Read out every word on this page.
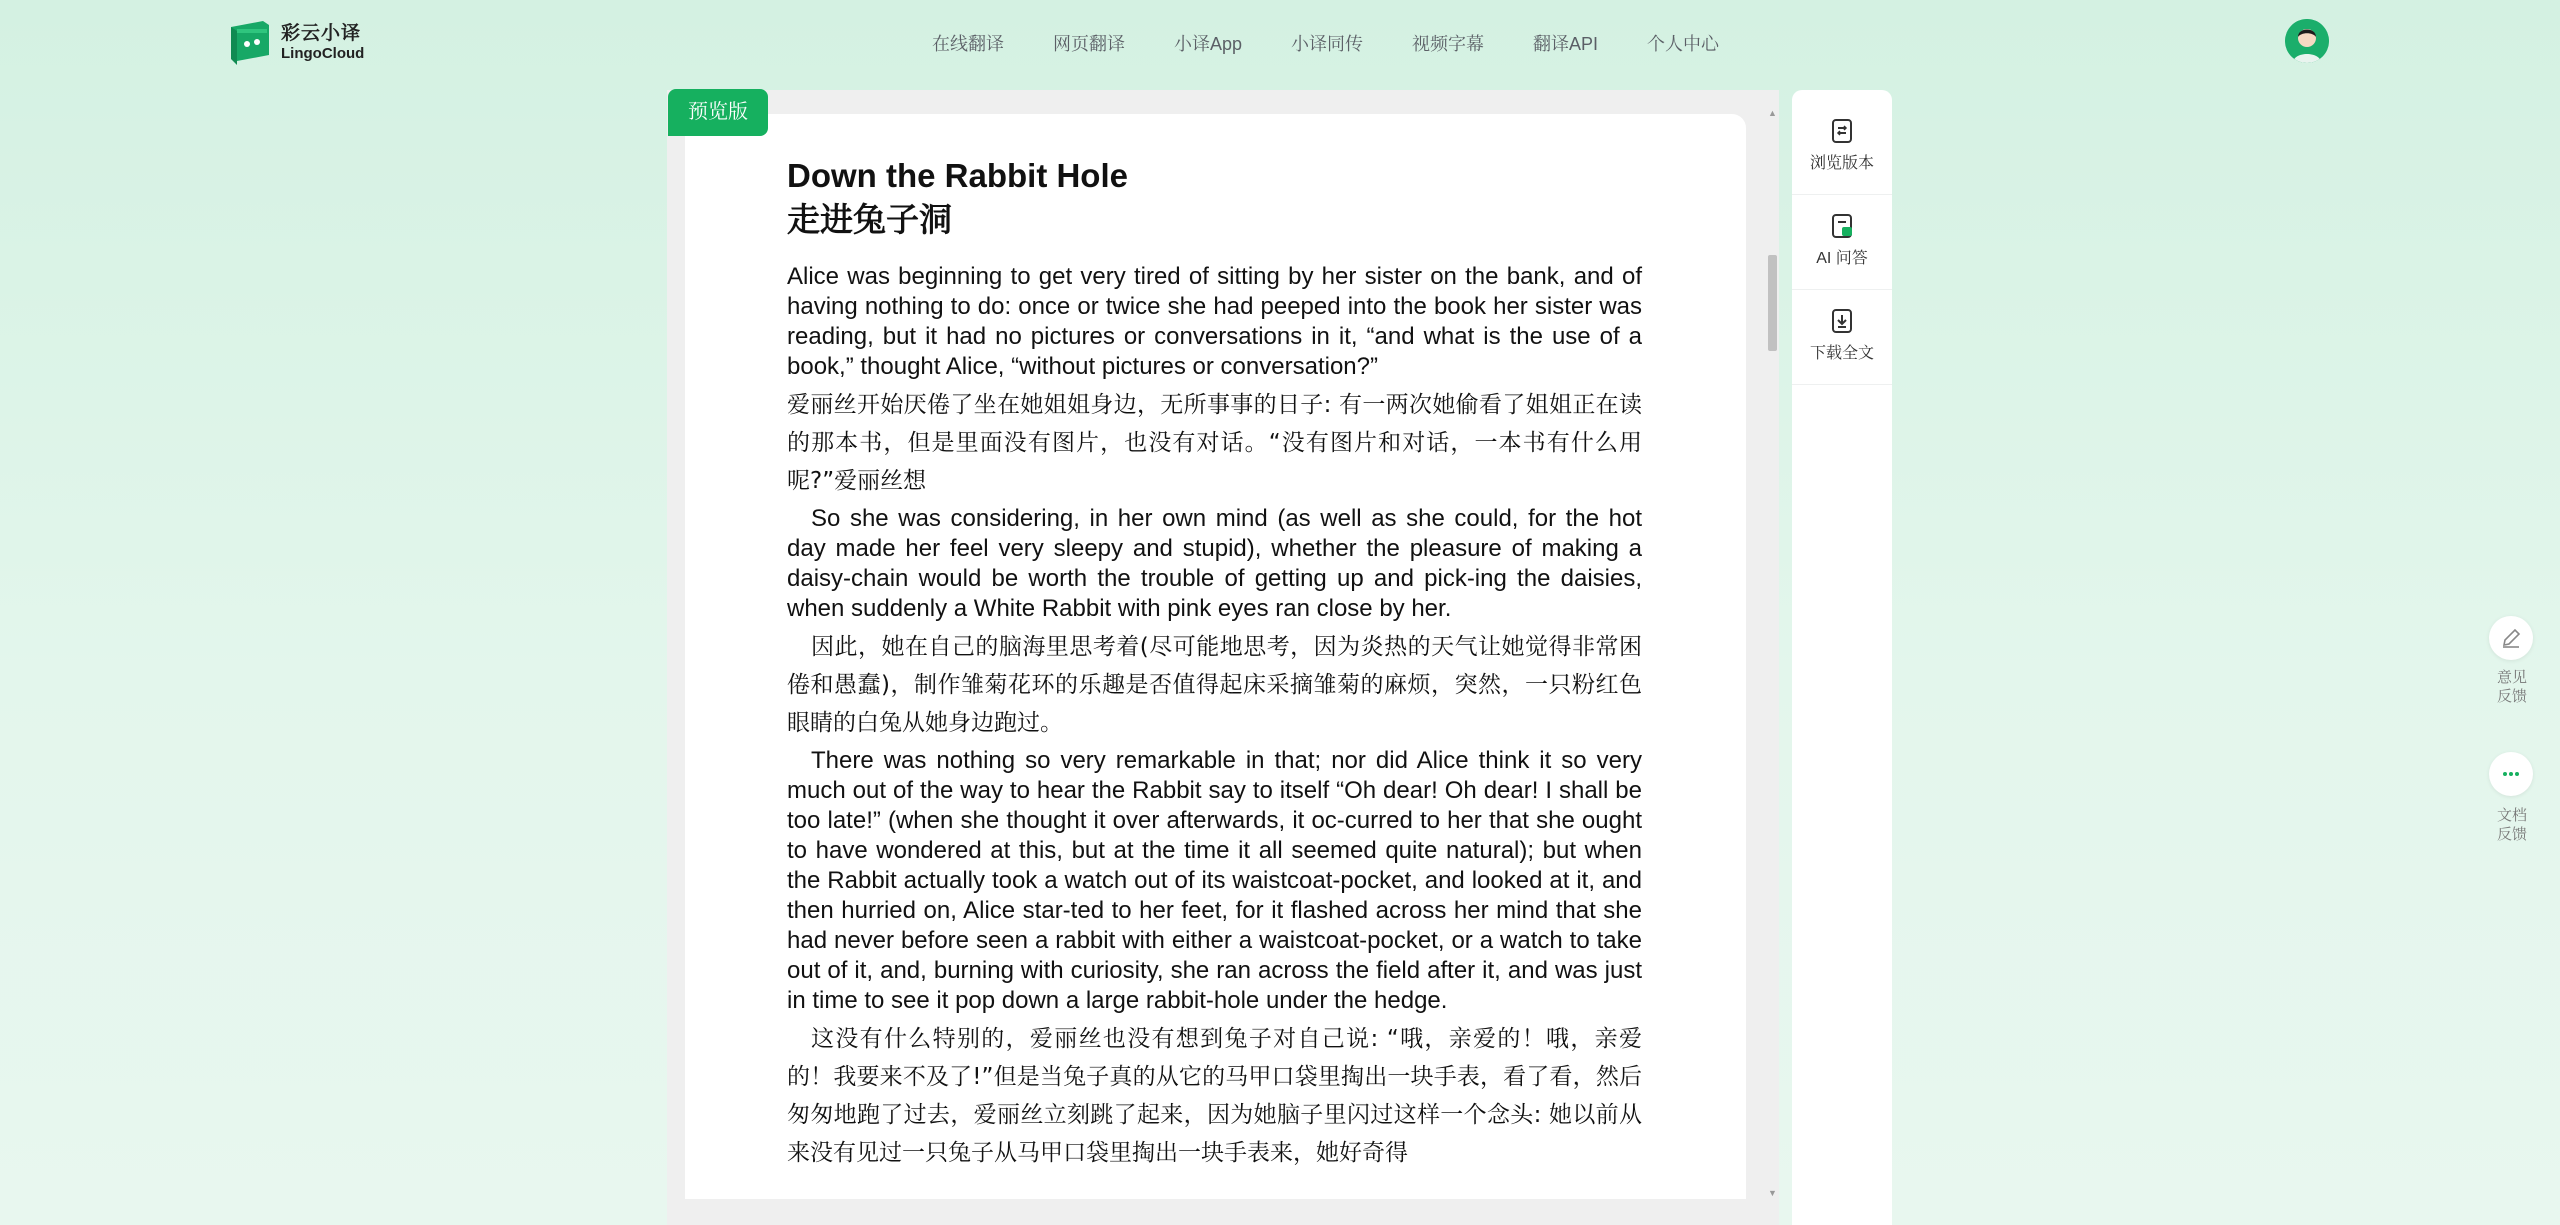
彩云小译
LingoCloud	在线翻译	网页翻译	小译App	小译同传	视频字幕	翻译API	个人中心
Down the Rabbit Hole
走进兔子洞

Alice was beginning to get very tired of sitting by her sister on the bank, and of having nothing to do: once or twice she had peeped into the book her sister was reading, but it had no pictures or conversations in it, “and what is the use of a book,” thought Alice, “without pictures or conversation?”

爱丽丝开始厌倦了坐在她姐姐身边，无所事事的日子: 有一两次她偷看了姐姐正在读的那本书，但是里面没有图片，也没有对话。“没有图片和对话，一本书有什么用呢?”爱丽丝想

So she was considering, in her own mind (as well as she could, for the hot day made her feel very sleepy and stupid), whether the pleasure of making a daisy-chain would be worth the trouble of getting up and pick-ing the daisies, when suddenly a White Rabbit with pink eyes ran close by her.

因此，她在自己的脑海里思考着(尽可能地思考，因为炎热的天气让她觉得非常困倦和愚蠢)，制作雏菊花环的乐趣是否值得起床采摘雏菊的麻烦，突然，一只粉红色眼睛的白兔从她身边跑过。

There was nothing so very remarkable in that; nor did Alice think it so very much out of the way to hear the Rabbit say to itself “Oh dear! Oh dear! I shall be too late!” (when she thought it over afterwards, it oc-curred to her that she ought to have wondered at this, but at the time it all seemed quite natural); but when the Rabbit actually took a watch out of its waistcoat-pocket, and looked at it, and then hurried on, Alice star-ted to her feet, for it flashed across her mind that she had never before seen a rabbit with either a waistcoat-pocket, or a watch to take out of it, and, burning with curiosity, she ran across the field after it, and was just in time to see it pop down a large rabbit-hole under the hedge.

这没有什么特别的，爱丽丝也没有想到兔子对自己说: “哦，亲爱的！哦，亲爱的！我要来不及了!”但是当兔子真的从它的马甲口袋里掏出一块手表，看了看，然后匆匆地跑了过去，爱丽丝立刻跳了起来，因为她脑子里闪过这样一个念头: 她以前从来没有见过一只兔子从马甲口袋里掏出一块手表来，她好奇得

预览版	▲
▼
浏览版本
AI 问答
下载全文
意见
反馈
文档
反馈
